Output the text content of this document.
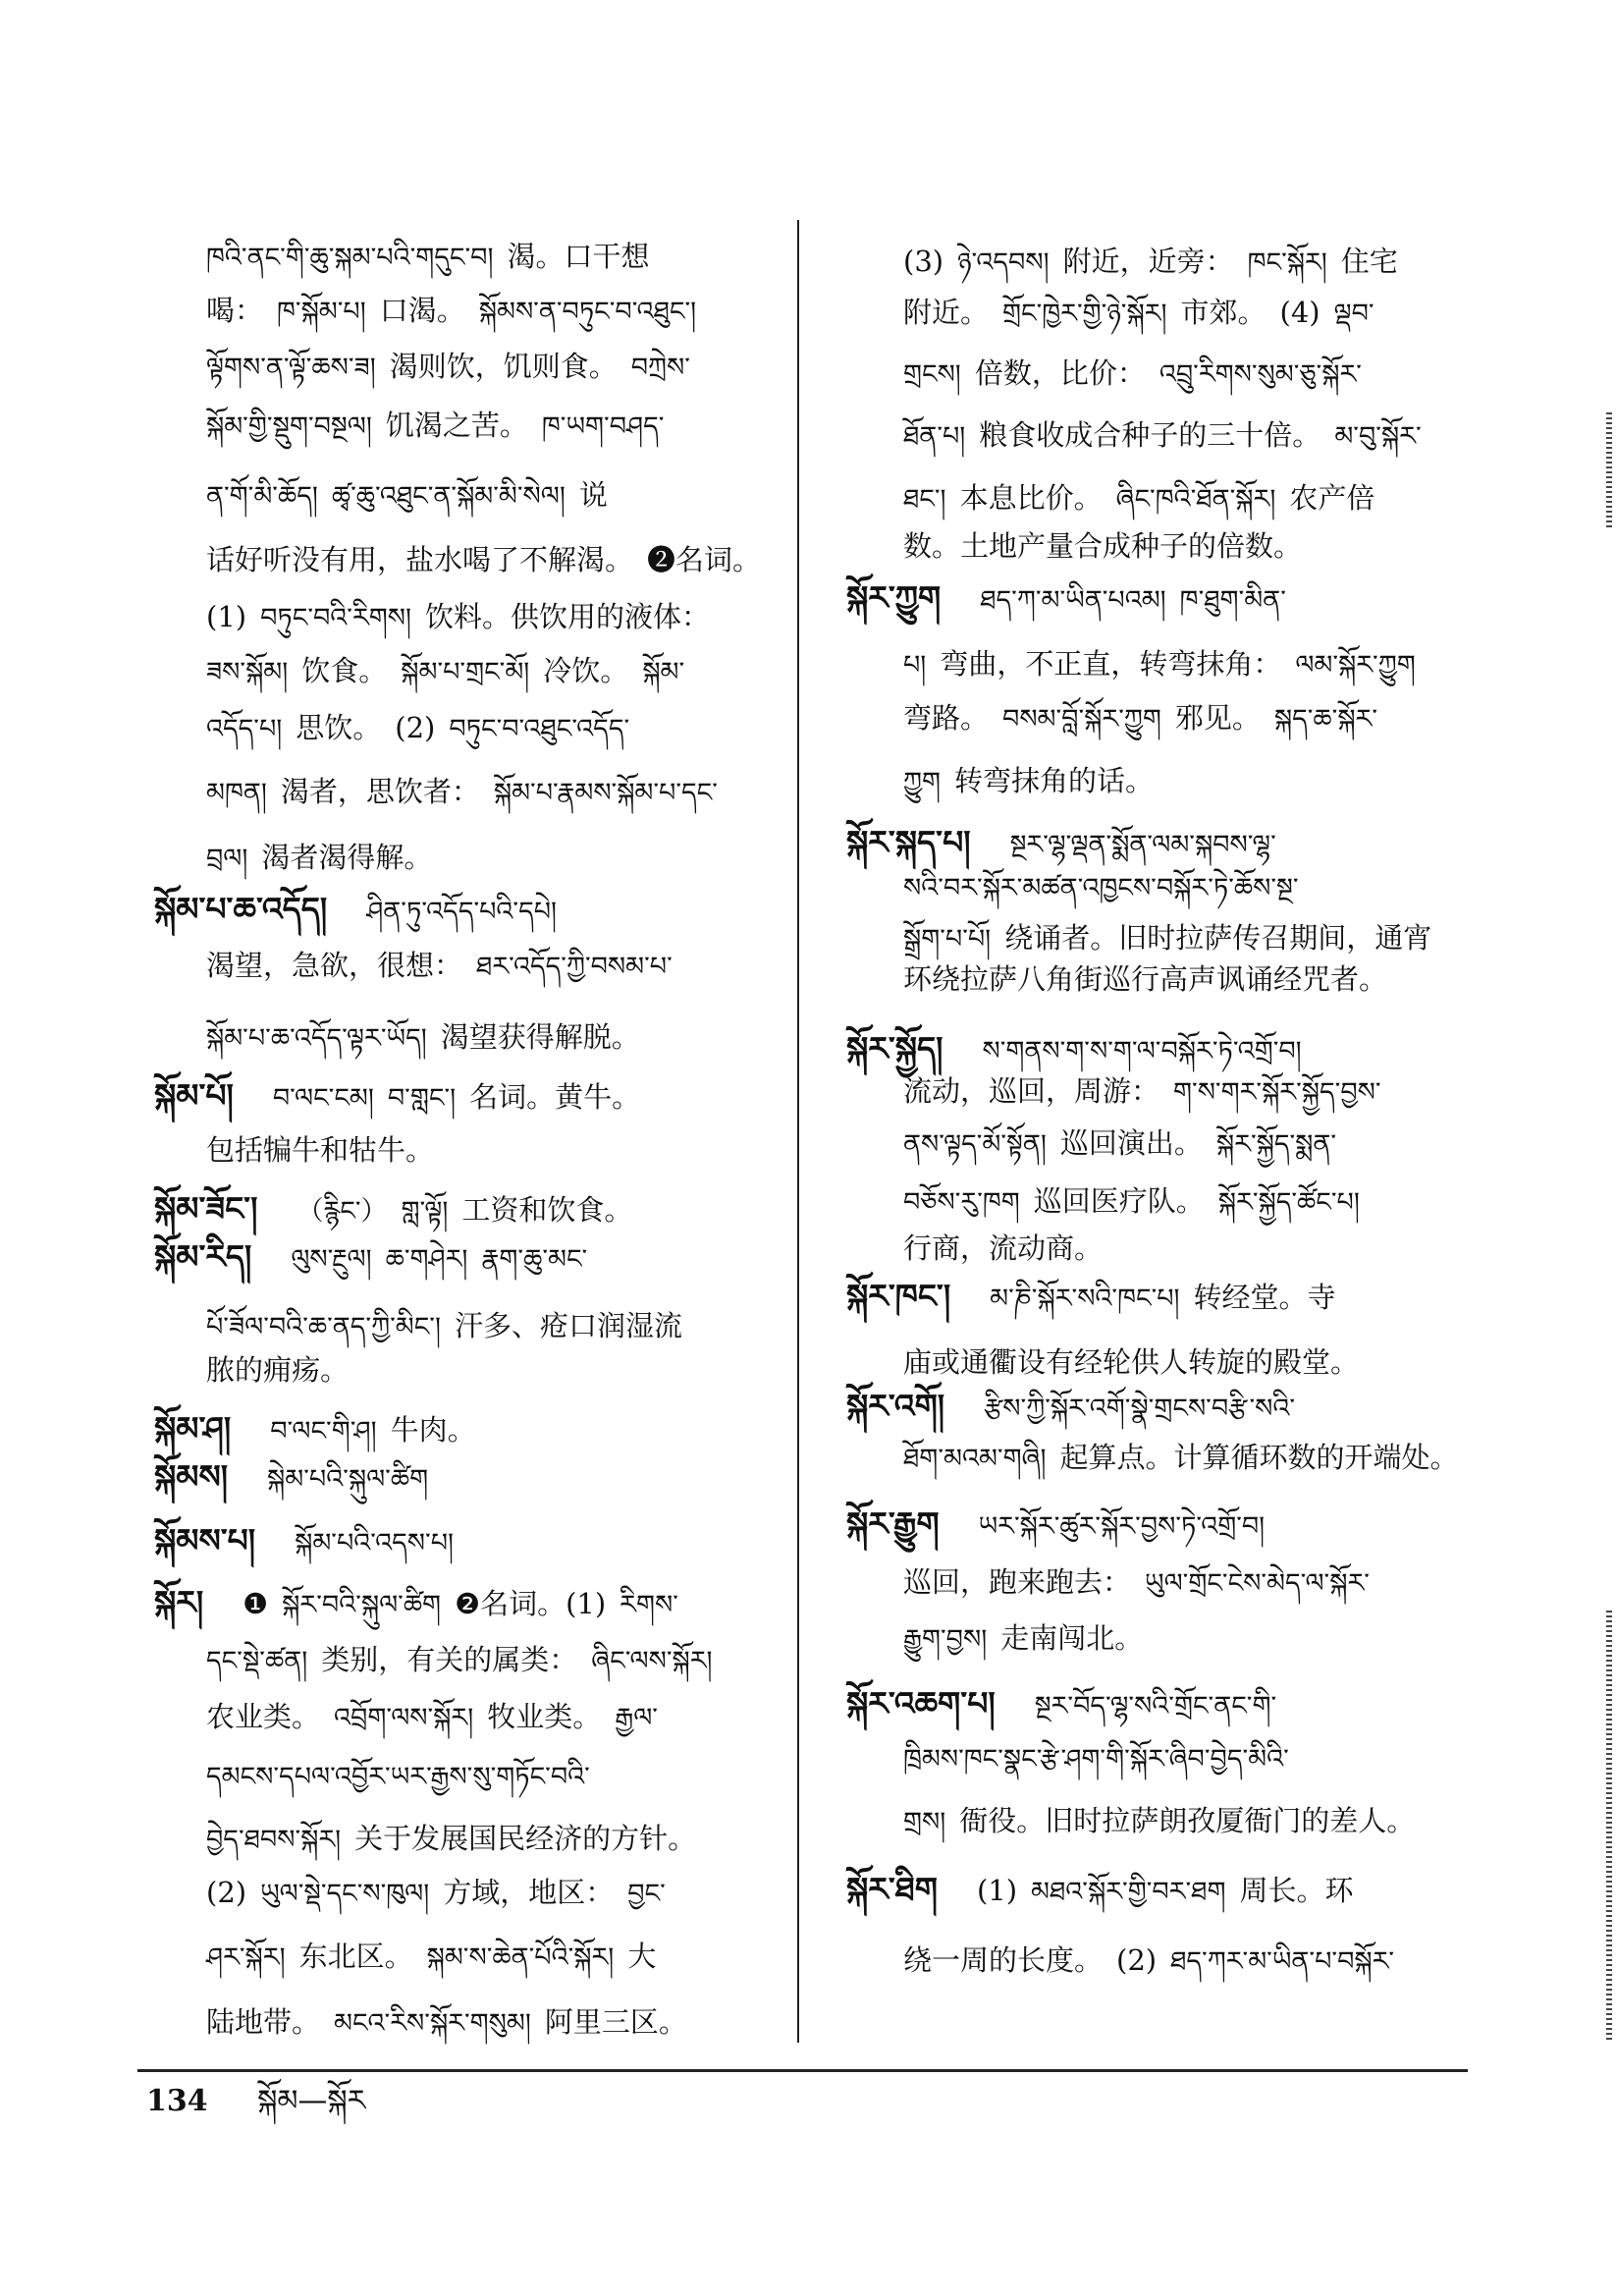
ཁའི་ནང་གི་ཆུ་སྐམ་པའི་གདུང་བ། 渴。口干想
喝： ཁ་སྐོམ་པ། 口渴。 སྐོམས་ན་བཏུང་བ་འཐུང་།
ལྟོགས་ན་ལྟོ་ཆས་ཟ། 渴则饮，饥则食。 བཀྲེས་
སྐོམ་གྱི་སྡུག་བསྔལ། 饥渴之苦。 ཁ་ཡག་བཤད་
ན་གོ་མི་ཆོད། ཚྭ་ཆུ་འཐུང་ན་སྐོམ་མི་སེལ། 说
话好听没有用，盐水喝了不解渴。 ❷名词。
(1) བཏུང་བའི་རིགས། 饮料。供饮用的液体：
ཟས་སྐོམ། 饮食。 སྐོམ་པ་གྲང་མོ། 冷饮。 སྐོམ་
འདོད་པ། 思饮。 (2) བཏུང་བ་འཐུང་འདོད་
མཁན། 渴者，思饮者： སྐོམ་པ་རྣམས་སྐོམ་པ་དང་
བྲལ། 渴者渴得解。
སྐོམ་པ་ཆ་འདོད། ཤིན་ཏུ་འདོད་པའི་དཔེ།
渴望，急欲，很想： ཐར་འདོད་ཀྱི་བསམ་པ་
སྐོམ་པ་ཆ་འདོད་ལྟར་ཡོད། 渴望获得解脱。
སྐོམ་པོ། བ་ལང་ངམ། བ་གླང་། 名词。黄牛。
包括犏牛和牯牛。
སྐོམ་ཟོང་། （རྙིང་） གླ་ལྟོ། 工资和饮食。
སྐོམ་རིད། ལུས་རྔུལ། ཆ་གཤེར། རྣག་ཆུ་མང་
པོ་ཟོལ་བའི་ཆ་ནད་ཀྱི་མིང་། 汗多、疮口润湿流
脓的痈疡。
སྐོམ་ཤ། བ་ལང་གི་ཤ། 牛肉。
སྐོམས། སྐེམ་པའི་སྐུལ་ཚིག
སྐོམས་པ། སྐོམ་པའི་འདས་པ།
སྐོར། ❶ སྐོར་བའི་སྐུལ་ཚིག ❷名词。(1) རིགས་
དང་སྡེ་ཚན། 类别，有关的属类： ཞིང་ལས་སྐོར།
农业类。 འབྲོག་ལས་སྐོར། 牧业类。 རྒྱལ་
དམངས་དཔལ་འབྱོར་ཡར་རྒྱས་སུ་གཏོང་བའི་
བྱེད་ཐབས་སྐོར། 关于发展国民经济的方针。
(2) ཡུལ་སྡེ་དང་ས་ཁུལ། 方域，地区： བྱང་
ཤར་སྐོར། 东北区。 སྐམ་ས་ཆེན་པོའི་སྐོར། 大
陆地带。 མངའ་རིས་སྐོར་གསུམ། 阿里三区。
(3) ཉེ་འདབས། 附近，近旁： ཁང་སྐོར། 住宅
附近。 གྲོང་ཁྱེར་གྱི་ཉེ་སྐོར། 市郊。 (4) ལྡབ་
གྲངས། 倍数，比价： འབྲུ་རིགས་སུམ་ཅུ་སྐོར་
ཐོན་པ། 粮食收成合种子的三十倍。 མ་བུ་སྐོར་
ཐང་། 本息比价。 ཞིང་ཁའི་ཐོན་སྐོར། 农产倍
数。土地产量合成种子的倍数。
སྐོར་ཀྱུག ཐད་ཀ་མ་ཡིན་པའམ། ཁ་ཐུག་མིན་
པ། 弯曲，不正直，转弯抹角： ལམ་སྐོར་ཀྱུག
弯路。 བསམ་བློ་སྐོར་ཀྱུག 邪见。 སྐད་ཆ་སྐོར་
ཀྱུག 转弯抹角的话。
སྐོར་སྐད་པ། སྔར་ལྷ་ལྡན་སྨོན་ལམ་སྐབས་ལྷ་
སའི་བར་སྐོར་མཚན་འཁྱངས་བསྐོར་ཏེ་ཆོས་སྔ་
སྒྲོག་པ་པོ། 绕诵者。旧时拉萨传召期间，通宵
环绕拉萨八角街巡行高声讽诵经咒者。
སྐོར་སྐྱོད། ས་གནས་ག་ས་ག་ལ་བསྐོར་ཏེ་འགྲོ་བ།
流动，巡回，周游： ག་ས་གར་སྐོར་སྐྱོད་བྱས་
ནས་ལྟད་མོ་སྟོན། 巡回演出。 སྐོར་སྐྱོད་སྨན་
བཅོས་རུ་ཁག 巡回医疗队。 སྐོར་སྐྱོད་ཚོང་པ།
行商，流动商。
སྐོར་ཁང་། མ་ཎི་སྐོར་སའི་ཁང་པ། 转经堂。寺
庙或通衢设有经轮供人转旋的殿堂。
སྐོར་འགོ། རྩིས་ཀྱི་སྐོར་འགོ་སྣེ་གྲངས་བརྩི་སའི་
ཐོག་མའམ་གཞི། 起算点。计算循环数的开端处。
སྐོར་རྒྱུག ཡར་སྐོར་ཚུར་སྐོར་བྱས་ཏེ་འགྲོ་བ།
巡回，跑来跑去： ཡུལ་གྲོང་ངེས་མེད་ལ་སྐོར་
རྒྱུག་བྱས། 走南闯北。
སྐོར་འཆག་པ། སྔར་བོད་ལྷ་སའི་གྲོང་ནང་གི་
ཁྲིམས་ཁང་སྣང་རྩེ་ཤག་གི་སྐོར་ཞིབ་བྱེད་མིའི་
གྲས། 衙役。旧时拉萨朗孜厦衙门的差人。
སྐོར་ཐིག (1) མཐའ་སྐོར་གྱི་བར་ཐག 周长。环
绕一周的长度。 (2) ཐད་ཀར་མ་ཡིན་པ་བསྐོར་
134 སྐོམ—སྐོར
